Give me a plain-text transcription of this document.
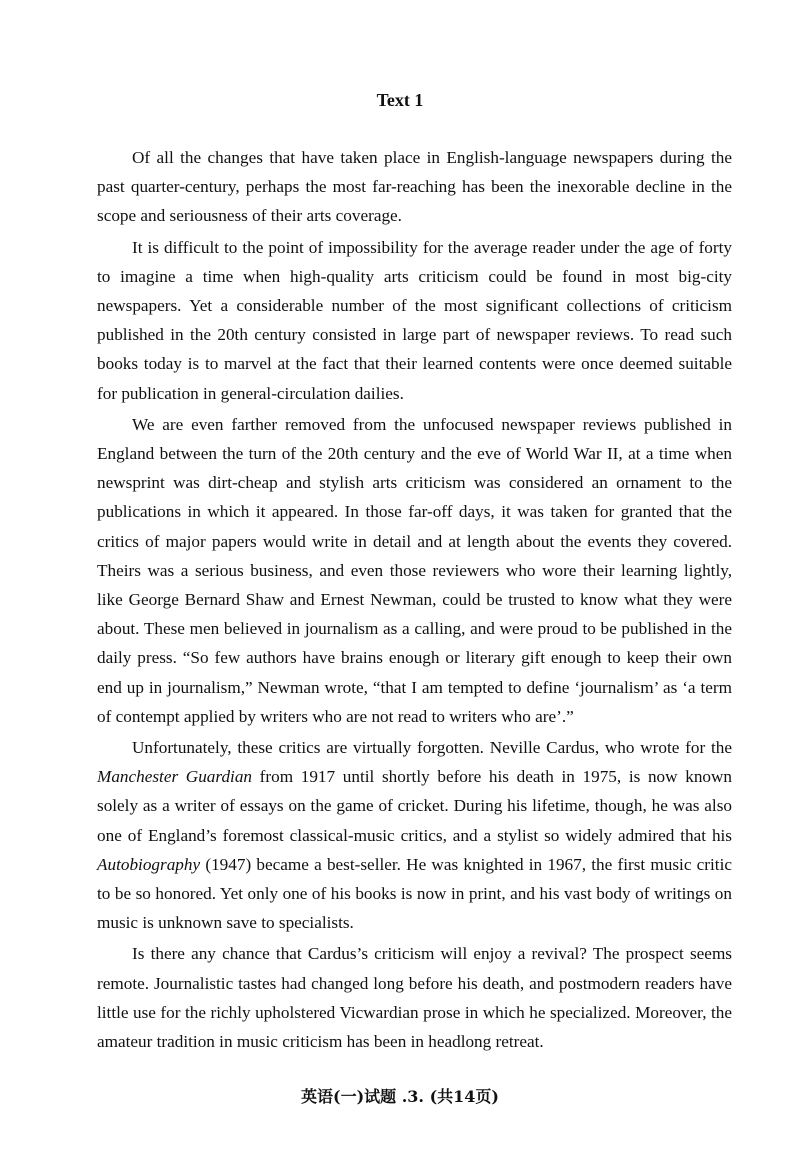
Text 1

Of all the changes that have taken place in English-language newspapers during the past quarter-century, perhaps the most far-reaching has been the inexorable decline in the scope and seriousness of their arts coverage.

It is difficult to the point of impossibility for the average reader under the age of forty to imagine a time when high-quality arts criticism could be found in most big-city newspapers. Yet a considerable number of the most significant collections of criticism published in the 20th century consisted in large part of newspaper reviews. To read such books today is to marvel at the fact that their learned contents were once deemed suitable for publication in general-circulation dailies.

We are even farther removed from the unfocused newspaper reviews published in England between the turn of the 20th century and the eve of World War II, at a time when newsprint was dirt-cheap and stylish arts criticism was considered an ornament to the publications in which it appeared. In those far-off days, it was taken for granted that the critics of major papers would write in detail and at length about the events they covered. Theirs was a serious business, and even those reviewers who wore their learning lightly, like George Bernard Shaw and Ernest Newman, could be trusted to know what they were about. These men believed in journalism as a calling, and were proud to be published in the daily press. “So few authors have brains enough or literary gift enough to keep their own end up in journalism,” Newman wrote, “that I am tempted to define ‘journalism’ as ‘a term of contempt applied by writers who are not read to writers who are’.”

Unfortunately, these critics are virtually forgotten. Neville Cardus, who wrote for the Manchester Guardian from 1917 until shortly before his death in 1975, is now known solely as a writer of essays on the game of cricket. During his lifetime, though, he was also one of England’s foremost classical-music critics, and a stylist so widely admired that his Autobiography (1947) became a best-seller. He was knighted in 1967, the first music critic to be so honored. Yet only one of his books is now in print, and his vast body of writings on music is unknown save to specialists.

Is there any chance that Cardus’s criticism will enjoy a revival? The prospect seems remote. Journalistic tastes had changed long before his death, and postmodern readers have little use for the richly upholstered Vicwardian prose in which he specialized. Moreover, the amateur tradition in music criticism has been in headlong retreat.

英语(一)试题 .3. (共14页)
